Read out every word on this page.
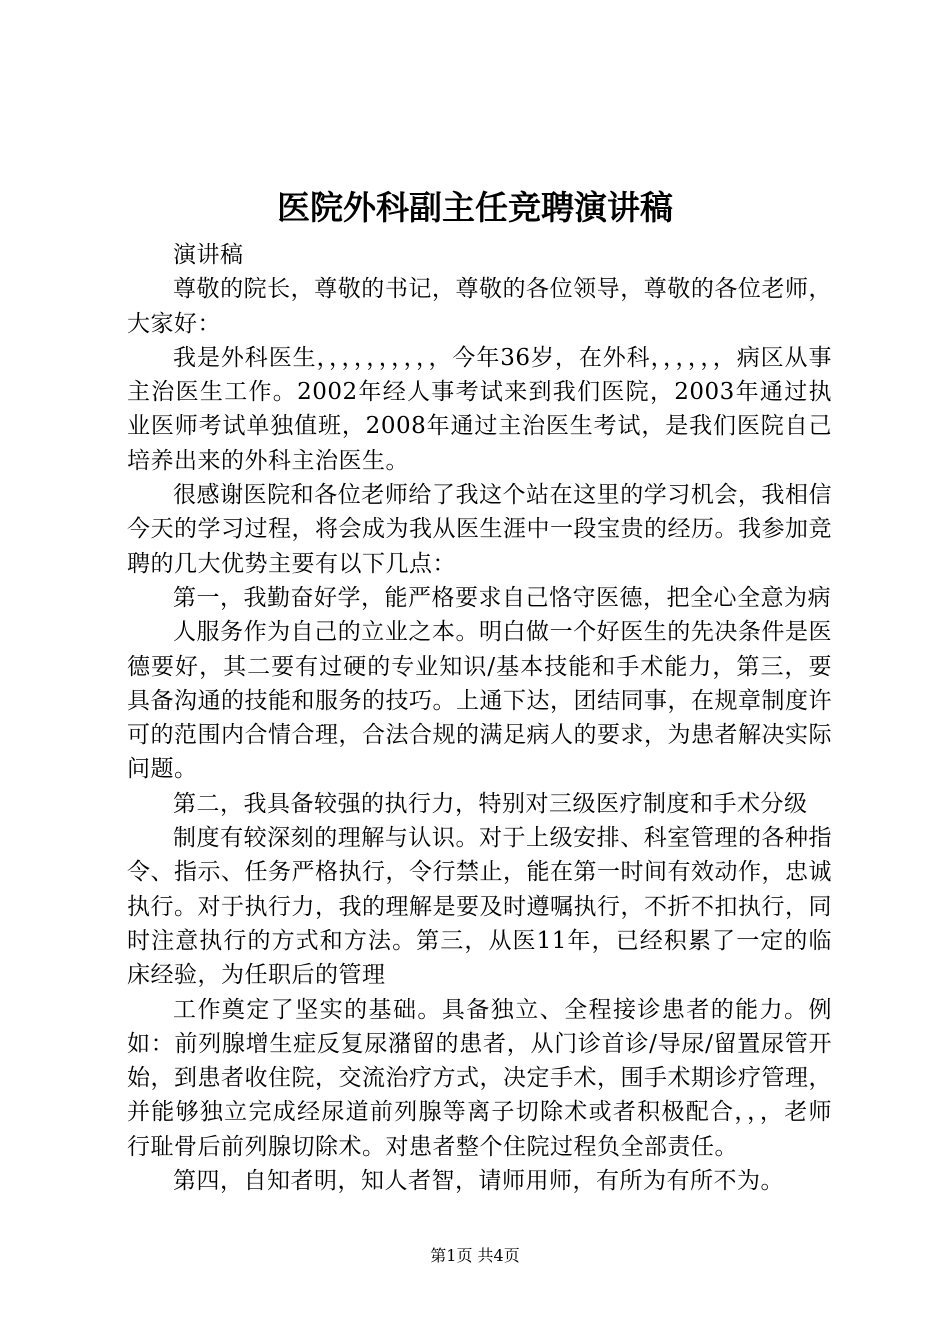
医院外科副主任竞聘演讲稿

演讲稿

尊敬的院长，尊敬的书记，尊敬的各位领导，尊敬的各位老师，大家好：

我是外科医生，，，，，，，，，，今年36岁，在外科，，，，，，病区从事主治医生工作。2002年经人事考试来到我们医院，2003年通过执业医师考试单独值班，2008年通过主治医生考试，是我们医院自己培养出来的外科主治医生。

很感谢医院和各位老师给了我这个站在这里的学习机会，我相信今天的学习过程，将会成为我从医生涯中一段宝贵的经历。我参加竞聘的几大优势主要有以下几点：

第一，我勤奋好学，能严格要求自己恪守医德，把全心全意为病

人服务作为自己的立业之本。明白做一个好医生的先决条件是医德要好，其二要有过硬的专业知识/基本技能和手术能力，第三，要具备沟通的技能和服务的技巧。上通下达，团结同事，在规章制度许可的范围内合情合理，合法合规的满足病人的要求，为患者解决实际问题。

第二，我具备较强的执行力，特别对三级医疗制度和手术分级

制度有较深刻的理解与认识。对于上级安排、科室管理的各种指令、指示、任务严格执行，令行禁止，能在第一时间有效动作，忠诚执行。对于执行力，我的理解是要及时遵嘱执行，不折不扣执行，同时注意执行的方式和方法。第三，从医11年，已经积累了一定的临床经验，为任职后的管理

工作奠定了坚实的基础。具备独立、全程接诊患者的能力。例如：前列腺增生症反复尿潴留的患者，从门诊首诊/导尿/留置尿管开始，到患者收住院，交流治疗方式，决定手术，围手术期诊疗管理，并能够独立完成经尿道前列腺等离子切除术或者积极配合，，，老师行耻骨后前列腺切除术。对患者整个住院过程负全部责任。

第四，自知者明，知人者智，请师用师，有所为有所不为。

第1页 共4页
